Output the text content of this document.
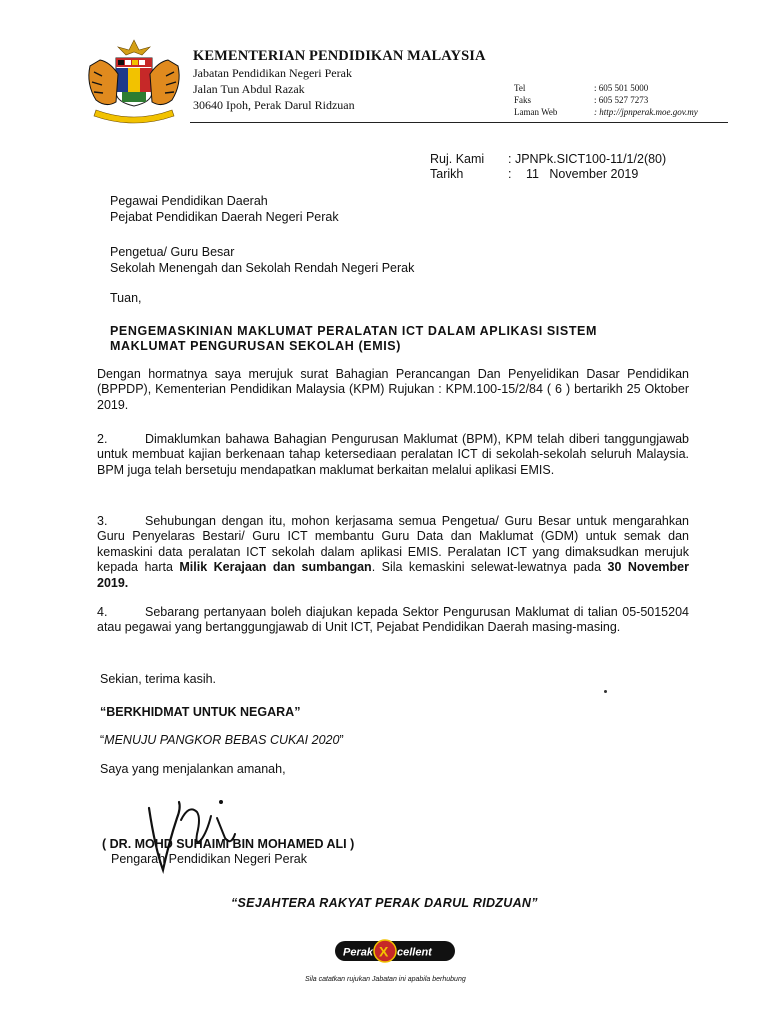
KEMENTERIAN PENDIDIKAN MALAYSIA
Jabatan Pendidikan Negeri Perak
Jalan Tun Abdul Razak
30640 Ipoh, Perak Darul Ridzuan
Tel	: 605 501 5000
Faks	: 605 527 7273
Laman Web	: http://jpnperak.moe.gov.my
Ruj. Kami	: JPNPk.SICT100-11/1/2(80)
Tarikh	:	11   November 2019
Pegawai Pendidikan Daerah
Pejabat Pendidikan Daerah Negeri Perak
Pengetua/ Guru Besar
Sekolah Menengah dan Sekolah Rendah Negeri Perak
Tuan,
PENGEMASKINIAN MAKLUMAT PERALATAN ICT DALAM APLIKASI SISTEM
MAKLUMAT PENGURUSAN SEKOLAH (EMIS)
Dengan hormatnya saya merujuk surat Bahagian Perancangan Dan Penyelidikan Dasar Pendidikan (BPPDP), Kementerian Pendidikan Malaysia (KPM) Rujukan : KPM.100-15/2/84 ( 6 ) bertarikh 25 Oktober 2019.
2.	Dimaklumkan bahawa Bahagian Pengurusan Maklumat (BPM), KPM telah diberi tanggungjawab untuk membuat kajian berkenaan tahap ketersediaan peralatan ICT di sekolah-sekolah seluruh Malaysia. BPM juga telah bersetuju mendapatkan maklumat berkaitan melalui aplikasi EMIS.
3.	Sehubungan dengan itu, mohon kerjasama semua Pengetua/ Guru Besar untuk mengarahkan Guru Penyelaras Bestari/ Guru ICT membantu Guru Data dan Maklumat (GDM) untuk semak dan kemaskini data peralatan ICT sekolah dalam aplikasi EMIS. Peralatan ICT yang dimaksudkan merujuk kepada harta Milik Kerajaan dan sumbangan. Sila kemaskini selewat-lewatnya pada 30 November 2019.
4.	Sebarang pertanyaan boleh diajukan kepada Sektor Pengurusan Maklumat di talian 05-5015204 atau pegawai yang bertanggungjawab di Unit ICT, Pejabat Pendidikan Daerah masing-masing.
Sekian, terima kasih.
“BERKHIDMAT UNTUK NEGARA”
“MENUJU PANGKOR BEBAS CUKAI 2020”
Saya yang menjalankan amanah,
( DR. MOHD SUHAIMI BIN MOHAMED ALI )
Pengarah Pendidikan Negeri Perak
“SEJAHTERA RAKYAT PERAK DARUL RIDZUAN”
Perak X cellent
Sila catatkan rujukan Jabatan ini apabila berhubung
